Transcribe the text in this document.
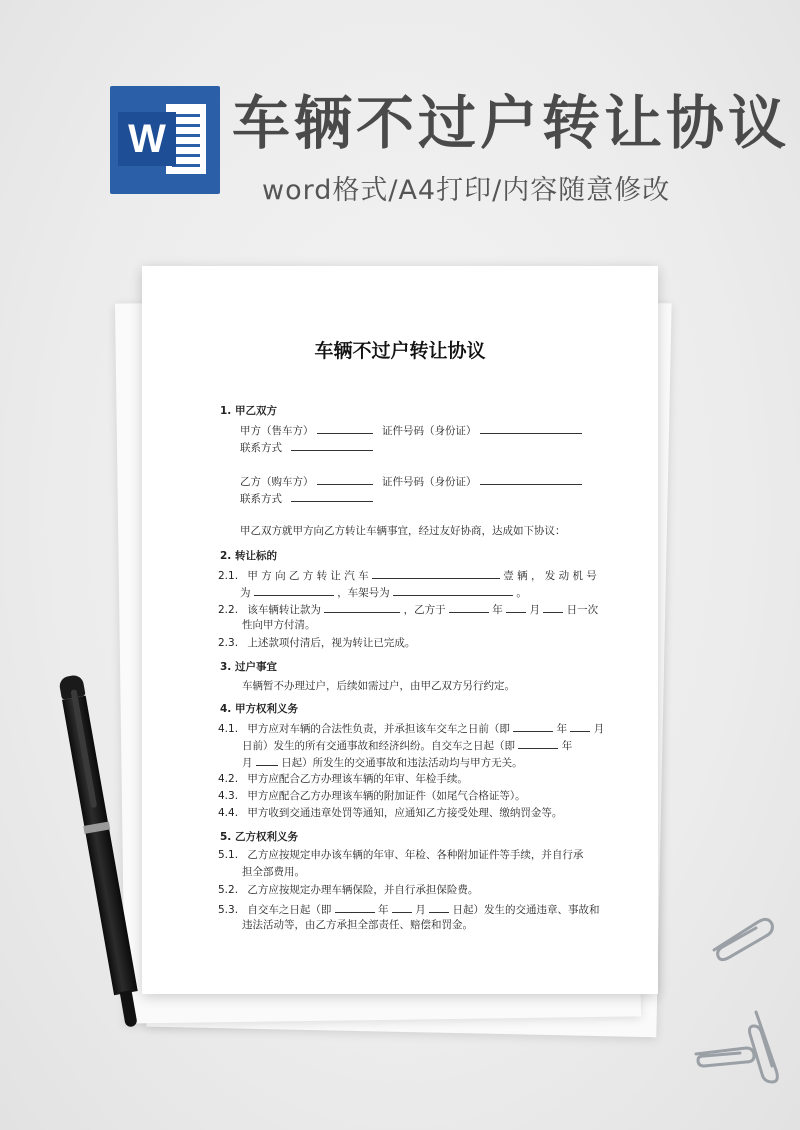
W 车辆不过户转让协议
word格式/A4打印/内容随意修改
车辆不过户转让协议
1. 甲乙双方
甲方（售车方）	证件号码（身份证）
联系方式
乙方（购车方）	证件号码（身份证）
联系方式
甲乙双方就甲方向乙方转让车辆事宜，经过友好协商，达成如下协议：
2. 转让标的
2.1. 甲 方 向 乙 方 转 让 汽 车	壹 辆 ， 发 动 机 号
为	，车架号为	。
2.2. 该车辆转让款为	，乙方于	年	月	日一次
性向甲方付清。
2.3. 上述款项付清后，视为转让已完成。
3. 过户事宜
车辆暂不办理过户，后续如需过户，由甲乙双方另行约定。
4. 甲方权利义务
4.1. 甲方应对车辆的合法性负责，并承担该车交车之日前（即	年	月
日前）发生的所有交通事故和经济纠纷。自交车之日起（即	年
月	日起）所发生的交通事故和违法活动均与甲方无关。
4.2. 甲方应配合乙方办理该车辆的年审、年检手续。
4.3. 甲方应配合乙方办理该车辆的附加证件（如尾气合格证等）。
4.4. 甲方收到交通违章处罚等通知，应通知乙方接受处理、缴纳罚金等。
5. 乙方权利义务
5.1. 乙方应按规定申办该车辆的年审、年检、各种附加证件等手续，并自行承
担全部费用。
5.2. 乙方应按规定办理车辆保险，并自行承担保险费。
5.3. 自交车之日起（即	年	月	日起）发生的交通违章、事故和
违法活动等，由乙方承担全部责任、赔偿和罚金。
